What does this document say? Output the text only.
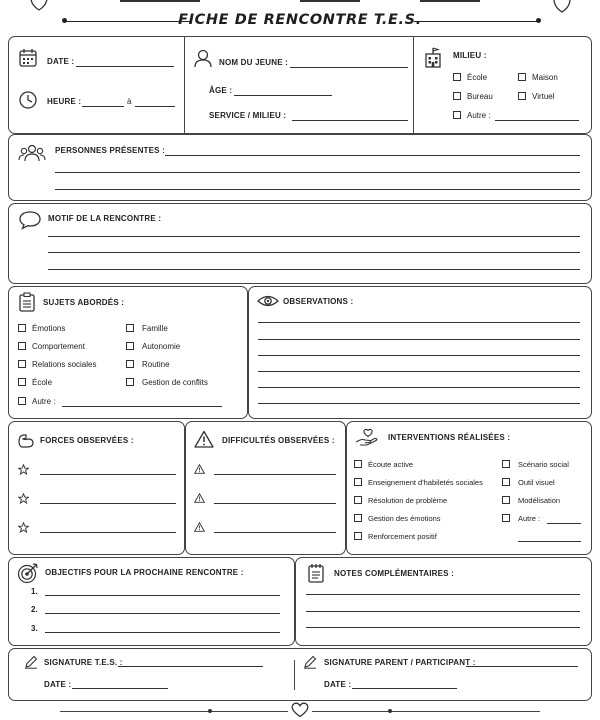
FICHE DE RENCONTRE T.E.S.
DATE :
HEURE :	à
NOM DU JEUNE :
ÂGE :
SERVICE / MILIEU :
MILIEU :
École	Maison
Bureau	Virtuel
Autre :
PERSONNES PRÉSENTES :
MOTIF DE LA RENCONTRE :
SUJETS ABORDÉS :
Émotions
Comportement
Relations sociales
École
Autre :
Famille
Autonomie
Routine
Gestion de conflits
OBSERVATIONS :
FORCES OBSERVÉES :	DIFFICULTÉS OBSERVÉES :	INTERVENTIONS RÉALISÉES :
Écoute active
Enseignement d'habiletés sociales
Résolution de problème
Gestion des émotions
Renforcement positif
Scénario social
Outil visuel
Modélisation
Autre :
OBJECTIFS POUR LA PROCHAINE RENCONTRE :
1.
2.
3.
NOTES COMPLÉMENTAIRES :
SIGNATURE T.E.S. :
DATE :
SIGNATURE PARENT / PARTICIPANT :
DATE :
